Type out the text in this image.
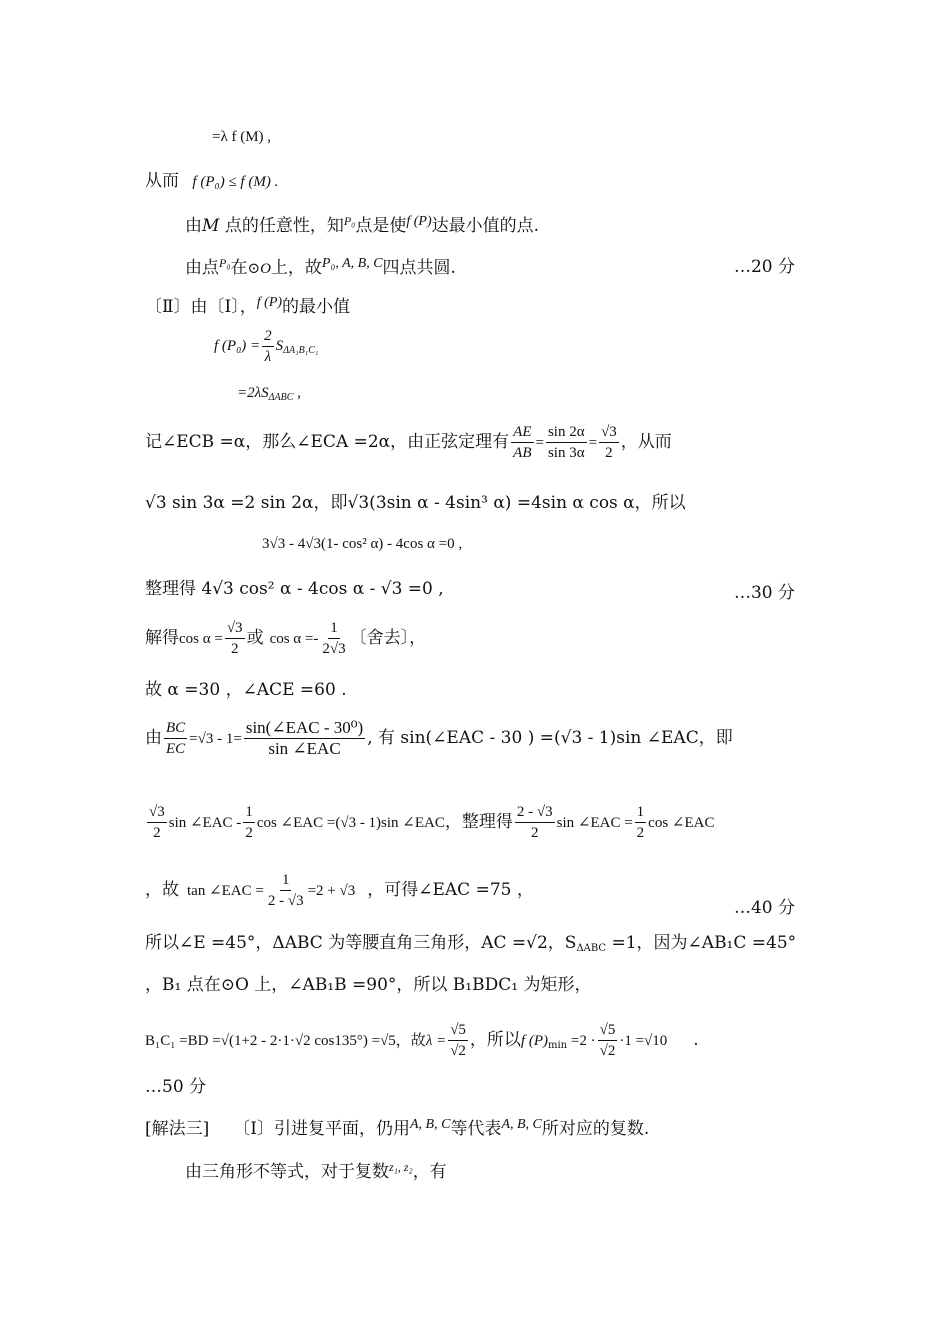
=λ f (M) ,
从而 f (P₀) ≤ f (M) .
由M 点的任意性，知$^{P_0}$点是使$^{f (P)}$达最小值的点.
由点$^{P_0}$在⊙O上，故$^{P_0, A, B, C}$四点共圆.	…20 分
〔Ⅱ〕由〔Ⅰ〕，$^{f (P)}$的最小值
f $(P_0) = \frac{2}{\lambda} S_{\Delta A_1B_1C_1}$
$=2\lambda S_{\Delta ABC}$ ,
记∠ECB =α，那么∠ECA =2α，由正弦定理有 $\frac{AE}{AB} = \frac{\sin 2\alpha}{\sin 3\alpha} = \frac{√3}{2}$ ，从而
√3 sin 3α =2 sin 2α，即√3(3sin α - 4sin³ α) =4sin α cos α，所以
3√3 - 4√3(1- cos² α) - 4cos α =0 ,
整理得 4√3 cos² α - 4cos α - √3 =0 ,	…30 分
解得$\cos \alpha = \frac{√3}{2}$ 或 $\cos \alpha =- \frac{1}{2√3}$ 〔舍去〕，
故 α =30 ，∠ACE =60 .
由 $\frac{BC}{EC} =√3 - 1= \frac{\text{sin(∠EAC - 30⁰)}}{\text{sin ∠EAC}}$ , 有 sin(∠EAC - 30 ) =(√3 - 1)sin ∠EAC，即
$\frac{√3}{2}$ sin ∠EAC - $\frac{1}{2}$ cos ∠EAC =(√3 - 1)sin ∠EAC，整理得 $\frac{2 - √3}{2}$ sin ∠EAC = $\frac{1}{2}$ cos ∠EAC
，故 tan ∠EAC = $\frac{1}{2 - √3} =2 + √3$ ，可得∠EAC =75 ，
…40 分
所以∠E =45°，ΔABC 为等腰直角三角形，AC =√2，$S_{\Delta ABC} =1$，因为∠AB₁C =45°
，B₁ 点在⊙O 上，∠AB₁B =90°，所以 B₁BDC₁ 为矩形，
B₁C₁ =BD =√(1+2 - 2·1·√2 cos135°) =√5，故$\lambda = \frac{√5}{√2}$ ，所以f $(P)_{min} =2 \cdot \frac{√5}{√2} \cdot 1 =√10$ .
…50 分
[解法三] 〔Ⅰ〕引进复平面，仍用$^{A, B, C}$等代表$^{A, B, C}$所对应的复数.
由三角形不等式，对于复数$^{z_1, z_2}$，有
